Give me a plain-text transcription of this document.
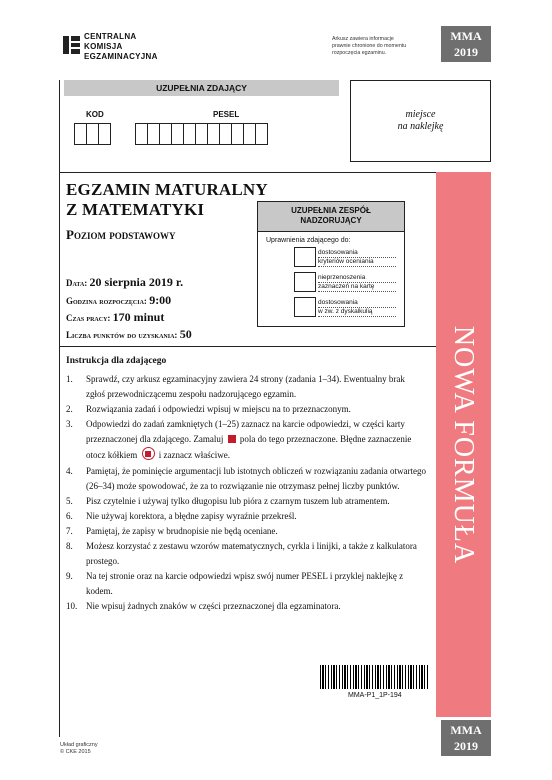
CENTRALNA
KOMISJA
EGZAMINACYJNA
Arkusz zawiera informacje
prawnie chronione do momentu
rozpoczęcia egzaminu.
MMA
2019
UZUPEŁNIA ZDAJĄCY
KOD	PESEL	miejsce
na naklejkę
EGZAMIN MATURALNY
Z MATEMATYKI
Poziom podstawowy
Data: 20 sierpnia 2019 r.
Godzina rozpoczęcia: 9:00
Czas pracy: 170 minut
Liczba punktów do uzyskania: 50	NOWA FORMUŁA
UZUPEŁNIA ZESPÓŁ
NADZORUJĄCY
Uprawnienia zdającego do:
dostosowania
kryteriów oceniania
nieprzenoszenia
zaznaczeń na kartę
dostosowania
w zw. z dyskalkulią
Instrukcja dla zdającego
1. Sprawdź, czy arkusz egzaminacyjny zawiera 24 strony (zadania 1–34). Ewentualny brak zgłoś przewodniczącemu zespołu nadzorującego egzamin.
2. Rozwiązania zadań i odpowiedzi wpisuj w miejscu na to przeznaczonym.
3. Odpowiedzi do zadań zamkniętych (1–25) zaznacz na karcie odpowiedzi, w części karty przeznaczonej dla zdającego. Zamaluj pola do tego przeznaczone. Błędne zaznaczenie otocz kółkiem i zaznacz właściwe.
4. Pamiętaj, że pominięcie argumentacji lub istotnych obliczeń w rozwiązaniu zadania otwartego (26–34) może spowodować, że za to rozwiązanie nie otrzymasz pełnej liczby punktów.
5. Pisz czytelnie i używaj tylko długopisu lub pióra z czarnym tuszem lub atramentem.
6. Nie używaj korektora, a błędne zapisy wyraźnie przekreśl.
7. Pamiętaj, że zapisy w brudnopisie nie będą oceniane.
8. Możesz korzystać z zestawu wzorów matematycznych, cyrkla i linijki, a także z kalkulatora prostego.
9. Na tej stronie oraz na karcie odpowiedzi wpisz swój numer PESEL i przyklej naklejkę z kodem.
10. Nie wpisuj żadnych znaków w części przeznaczonej dla egzaminatora.
MMA-P1_1P-194
Układ graficzny
© CKE 2015
MMA
2019
